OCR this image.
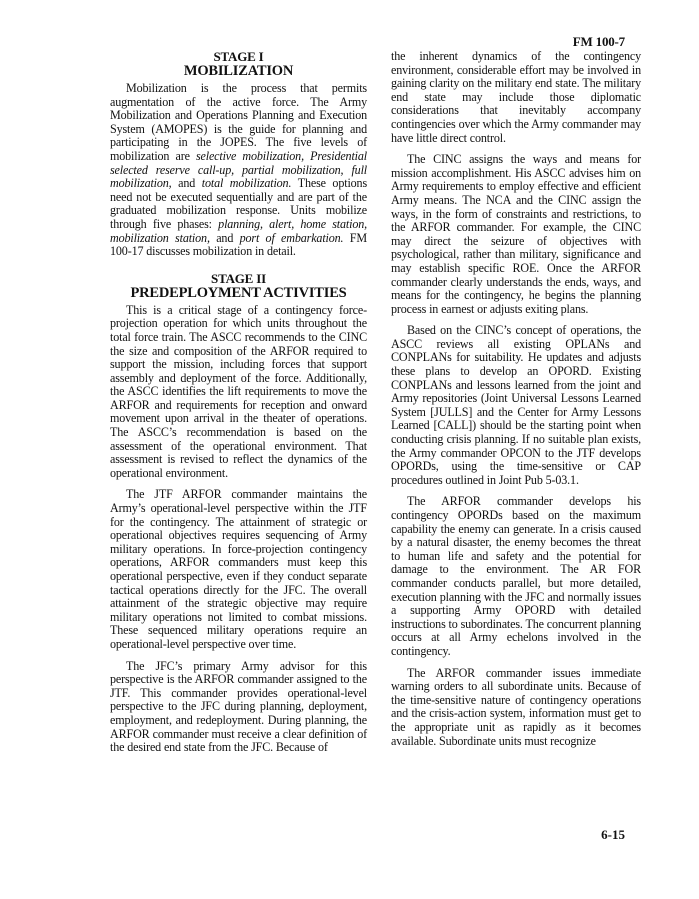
FM 100-7
STAGE I
MOBILIZATION

Mobilization is the process that permits augmentation of the active force. The Army Mobilization and Operations Planning and Execution System (AMOPES) is the guide for planning and participating in the JOPES. The five levels of mobilization are selective mobilization, Presidential selected reserve call-up, partial mobilization, full mobilization, and total mobilization. These options need not be executed sequentially and are part of the graduated mobilization response. Units mobilize through five phases: planning, alert, home station, mobilization station, and port of embarkation. FM 100-17 discusses mobilization in detail.

STAGE II
PREDEPLOYMENT ACTIVITIES

This is a critical stage of a contingency force-projection operation for which units throughout the total force train. The ASCC recommends to the CINC the size and composition of the ARFOR required to support the mission, including forces that support assembly and deployment of the force. Additionally, the ASCC identifies the lift requirements to move the ARFOR and requirements for reception and onward movement upon arrival in the theater of operations. The ASCC’s recommendation is based on the assessment of the operational environment. That assessment is revised to reflect the dynamics of the operational environment.

The JTF ARFOR commander maintains the Army’s operational-level perspective within the JTF for the contingency. The attainment of strategic or operational objectives requires sequencing of Army military operations. In force-projection contingency operations, ARFOR commanders must keep this operational perspective, even if they conduct separate tactical operations directly for the JFC. The overall attainment of the strategic objective may require military operations not limited to combat missions. These sequenced military operations require an operational-level perspective over time.

The JFC’s primary Army advisor for this perspective is the ARFOR commander assigned to the JTF. This commander provides operational-level perspective to the JFC during planning, deployment, employment, and redeployment. During planning, the ARFOR commander must receive a clear definition of the desired end state from the JFC. Because of

the inherent dynamics of the contingency environment, considerable effort may be involved in gaining clarity on the military end state. The military end state may include those diplomatic considerations that inevitably accompany contingencies over which the Army commander may have little direct control.

The CINC assigns the ways and means for mission accomplishment. His ASCC advises him on Army requirements to employ effective and efficient Army means. The NCA and the CINC assign the ways, in the form of constraints and restrictions, to the ARFOR commander. For example, the CINC may direct the seizure of objectives with psychological, rather than military, significance and may establish specific ROE. Once the ARFOR commander clearly understands the ends, ways, and means for the contingency, he begins the planning process in earnest or adjusts exiting plans.

Based on the CINC’s concept of operations, the ASCC reviews all existing OPLANs and CONPLANs for suitability. He updates and adjusts these plans to develop an OPORD. Existing CONPLANs and lessons learned from the joint and Army repositories (Joint Universal Lessons Learned System [JULLS] and the Center for Army Lessons Learned [CALL]) should be the starting point when conducting crisis planning. If no suitable plan exists, the Army commander OPCON to the JTF develops OPORDs, using the time-sensitive or CAP procedures outlined in Joint Pub 5-03.1.

The ARFOR commander develops his contingency OPORDs based on the maximum capability the enemy can generate. In a crisis caused by a natural disaster, the enemy becomes the threat to human life and safety and the potential for damage to the environment. The AR FOR commander conducts parallel, but more detailed, execution planning with the JFC and normally issues a supporting Army OPORD with detailed instructions to subordinates. The concurrent planning occurs at all Army echelons involved in the contingency.

The ARFOR commander issues immediate warning orders to all subordinate units. Because of the time-sensitive nature of contingency operations and the crisis-action system, information must get to the appropriate unit as rapidly as it becomes available. Subordinate units must recognize

6-15
